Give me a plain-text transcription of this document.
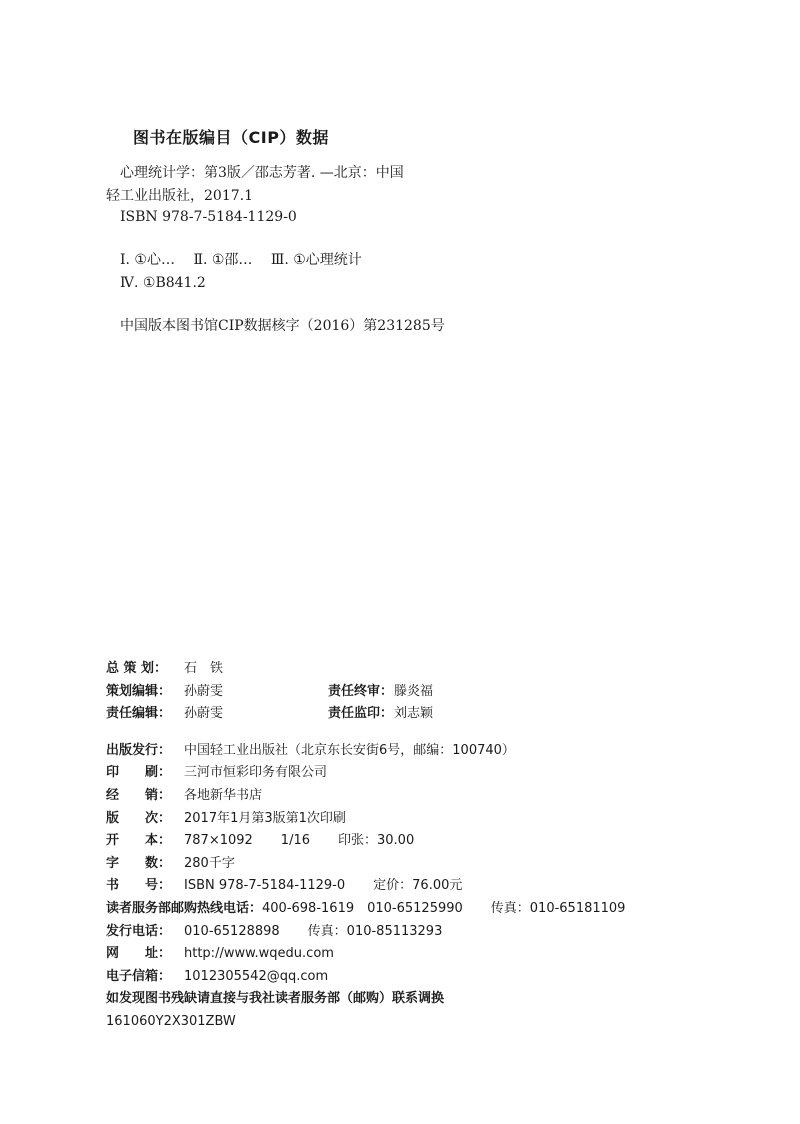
图书在版编目（CIP）数据
心理统计学：第3版／邵志芳著. —北京：中国
轻工业出版社，2017.1
ISBN 978-7-5184-1129-0
Ⅰ. ①心… Ⅱ. ①邵… Ⅲ. ①心理统计
Ⅳ. ①B841.2
中国版本图书馆CIP数据核字（2016）第231285号
总 策 划： 石　铁
策划编辑： 孙蔚雯	责任终审：滕炎福
责任编辑： 孙蔚雯	责任监印：刘志颖
出版发行： 中国轻工业出版社（北京东长安街6号，邮编：100740）
印　　刷： 三河市恒彩印务有限公司
经　　销： 各地新华书店
版　　次： 2017年1月第3版第1次印刷
开　　本： 787×1092 1/16 印张：30.00
字　　数： 280千字
书　　号： ISBN 978-7-5184-1129-0 定价：76.00元
读者服务部邮购热线电话：400-698-1619　010-65125990 传真：010-65181109
发行电话： 010-65128898 传真：010-85113293
网　　址： http://www.wqedu.com
电子信箱： 1012305542@qq.com
如发现图书残缺请直接与我社读者服务部（邮购）联系调换
161060Y2X301ZBW
